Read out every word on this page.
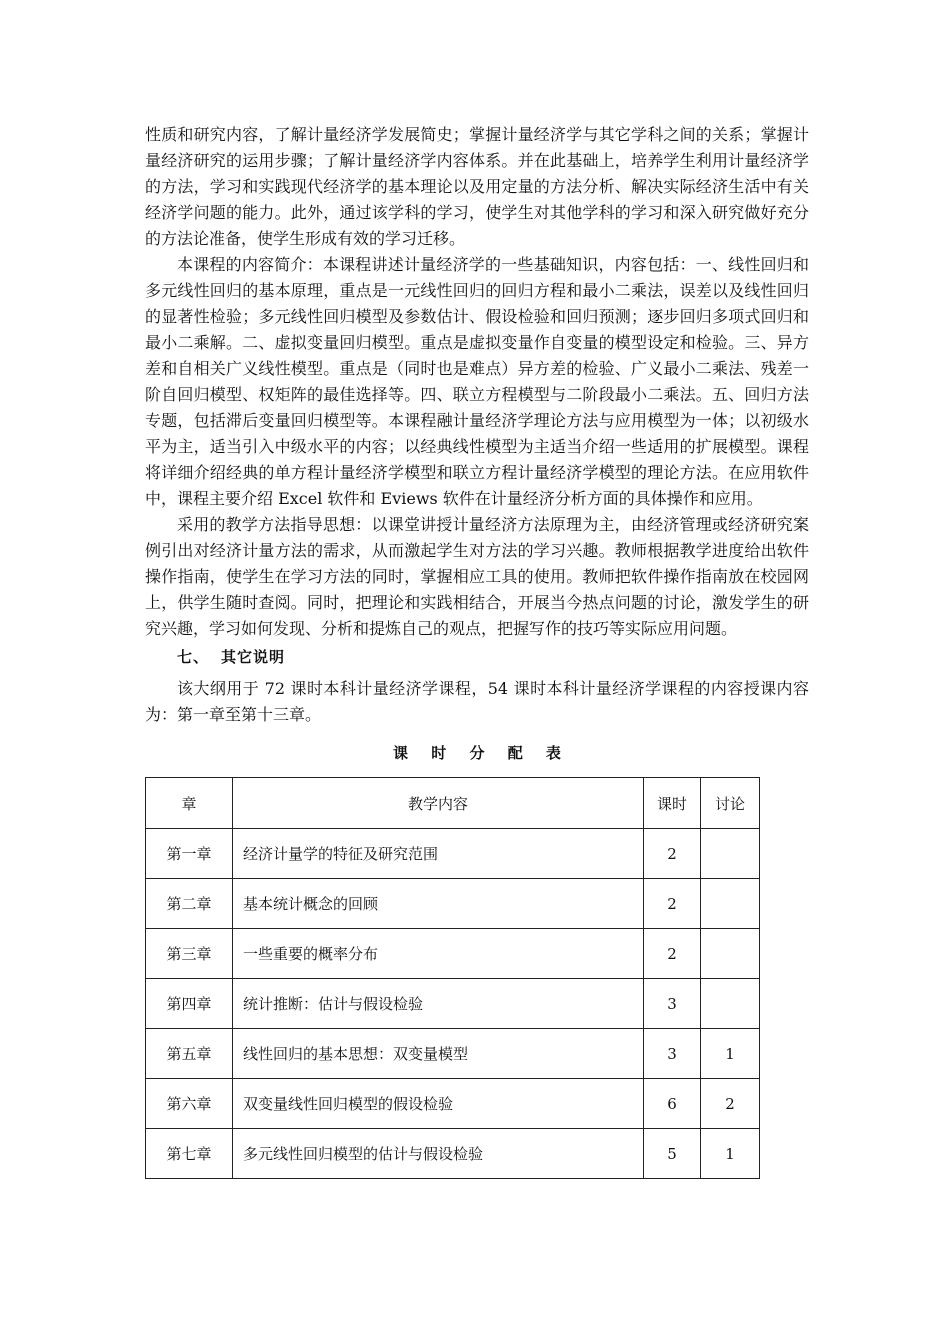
性质和研究内容，了解计量经济学发展简史；掌握计量经济学与其它学科之间的关系；掌握计量经济研究的运用步骤；了解计量经济学内容体系。并在此基础上，培养学生利用计量经济学的方法，学习和实践现代经济学的基本理论以及用定量的方法分析、解决实际经济生活中有关经济学问题的能力。此外，通过该学科的学习，使学生对其他学科的学习和深入研究做好充分的方法论准备，使学生形成有效的学习迁移。

本课程的内容简介：本课程讲述计量经济学的一些基础知识，内容包括：一、线性回归和多元线性回归的基本原理，重点是一元线性回归的回归方程和最小二乘法，误差以及线性回归的显著性检验；多元线性回归模型及参数估计、假设检验和回归预测；逐步回归多项式回归和最小二乘解。二、虚拟变量回归模型。重点是虚拟变量作自变量的模型设定和检验。三、异方差和自相关广义线性模型。重点是（同时也是难点）异方差的检验、广义最小二乘法、残差一阶自回归模型、权矩阵的最佳选择等。四、联立方程模型与二阶段最小二乘法。五、回归方法专题，包括滞后变量回归模型等。本课程融计量经济学理论方法与应用模型为一体；以初级水平为主，适当引入中级水平的内容；以经典线性模型为主适当介绍一些适用的扩展模型。课程将详细介绍经典的单方程计量经济学模型和联立方程计量经济学模型的理论方法。在应用软件中，课程主要介绍 Excel 软件和 Eviews 软件在计量经济分析方面的具体操作和应用。

采用的教学方法指导思想：以课堂讲授计量经济方法原理为主，由经济管理或经济研究案例引出对经济计量方法的需求，从而激起学生对方法的学习兴趣。教师根据教学进度给出软件操作指南，使学生在学习方法的同时，掌握相应工具的使用。教师把软件操作指南放在校园网上，供学生随时查阅。同时，把理论和实践相结合，开展当今热点问题的讨论，激发学生的研究兴趣，学习如何发现、分析和提炼自己的观点，把握写作的技巧等实际应用问题。

七、 其它说明

该大纲用于 72 课时本科计量经济学课程，54 课时本科计量经济学课程的内容授课内容为：第一章至第十三章。

课 时 分 配 表
章	教学内容	课时	讨论
第一章	经济计量学的特征及研究范围	2	
第二章	基本统计概念的回顾	2	
第三章	一些重要的概率分布	2	
第四章	统计推断：估计与假设检验	3	
第五章	线性回归的基本思想：双变量模型	3	1
第六章	双变量线性回归模型的假设检验	6	2
第七章	多元线性回归模型的估计与假设检验	5	1
